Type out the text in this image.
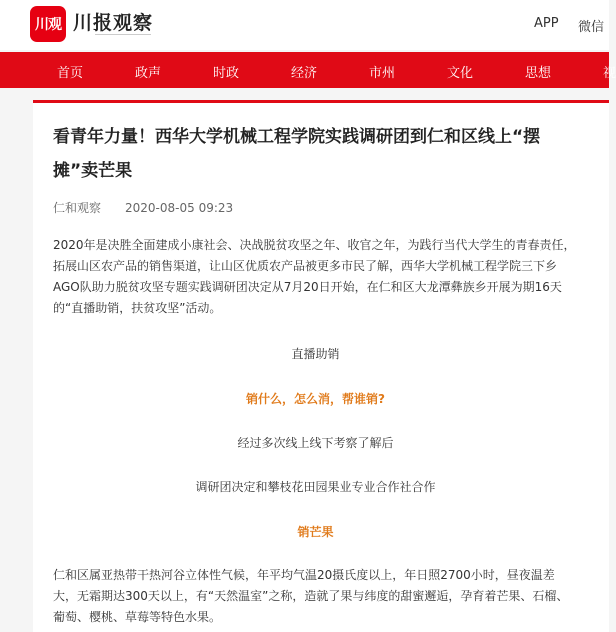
川观 川报观察	APP 微信
首页	政声	时政	经济	市州	文化	思想	视
看青年力量！西华大学机械工程学院实践调研团到仁和区线上“摆摊”卖芒果
仁和观察 2020-08-05 09:23

2020年是决胜全面建成小康社会、决战脱贫攻坚之年、收官之年，为践行当代大学生的青春责任，拓展山区农产品的销售渠道，让山区优质农产品被更多市民了解，西华大学机械工程学院三下乡AGO队助力脱贫攻坚专题实践调研团决定从7月20日开始，在仁和区大龙潭彝族乡开展为期16天的“直播助销，扶贫攻坚”活动。

直播助销
销什么，怎么消，帮谁销?
经过多次线上线下考察了解后
调研团决定和攀枝花田园果业专业合作社合作
销芒果

仁和区属亚热带干热河谷立体性气候，年平均气温20摄氏度以上，年日照2700小时，昼夜温差大，无霜期达300天以上，有“天然温室”之称，造就了果与纬度的甜蜜邂逅，孕育着芒果、石榴、葡萄、樱桃、草莓等特色水果。
